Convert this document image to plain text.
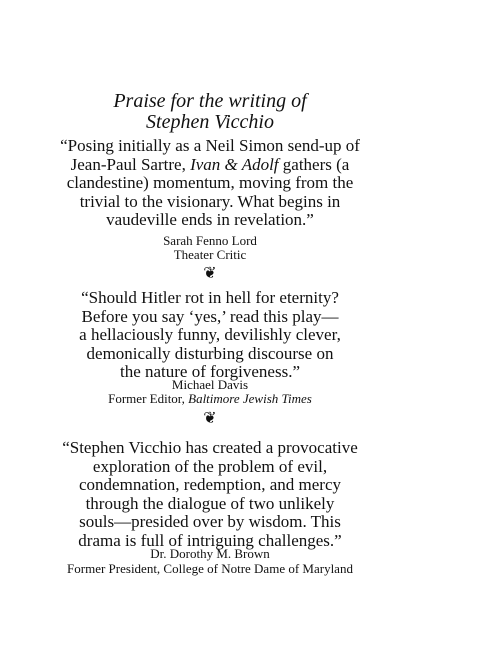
Praise for the writing of
Stephen Vicchio
“Posing initially as a Neil Simon send-up of
Jean-Paul Sartre, Ivan & Adolf gathers (a
clandestine) momentum, moving from the
trivial to the visionary. What begins in
vaudeville ends in revelation.”
Sarah Fenno Lord
Theater Critic
❦
“Should Hitler rot in hell for eternity?
Before you say ‘yes,’ read this play—
a hellaciously funny, devilishly clever,
demonically disturbing discourse on
the nature of forgiveness.”
Michael Davis
Former Editor, Baltimore Jewish Times
❦
“Stephen Vicchio has created a provocative
exploration of the problem of evil,
condemnation, redemption, and mercy
through the dialogue of two unlikely
souls—presided over by wisdom. This
drama is full of intriguing challenges.”
Dr. Dorothy M. Brown
Former President, College of Notre Dame of Maryland
